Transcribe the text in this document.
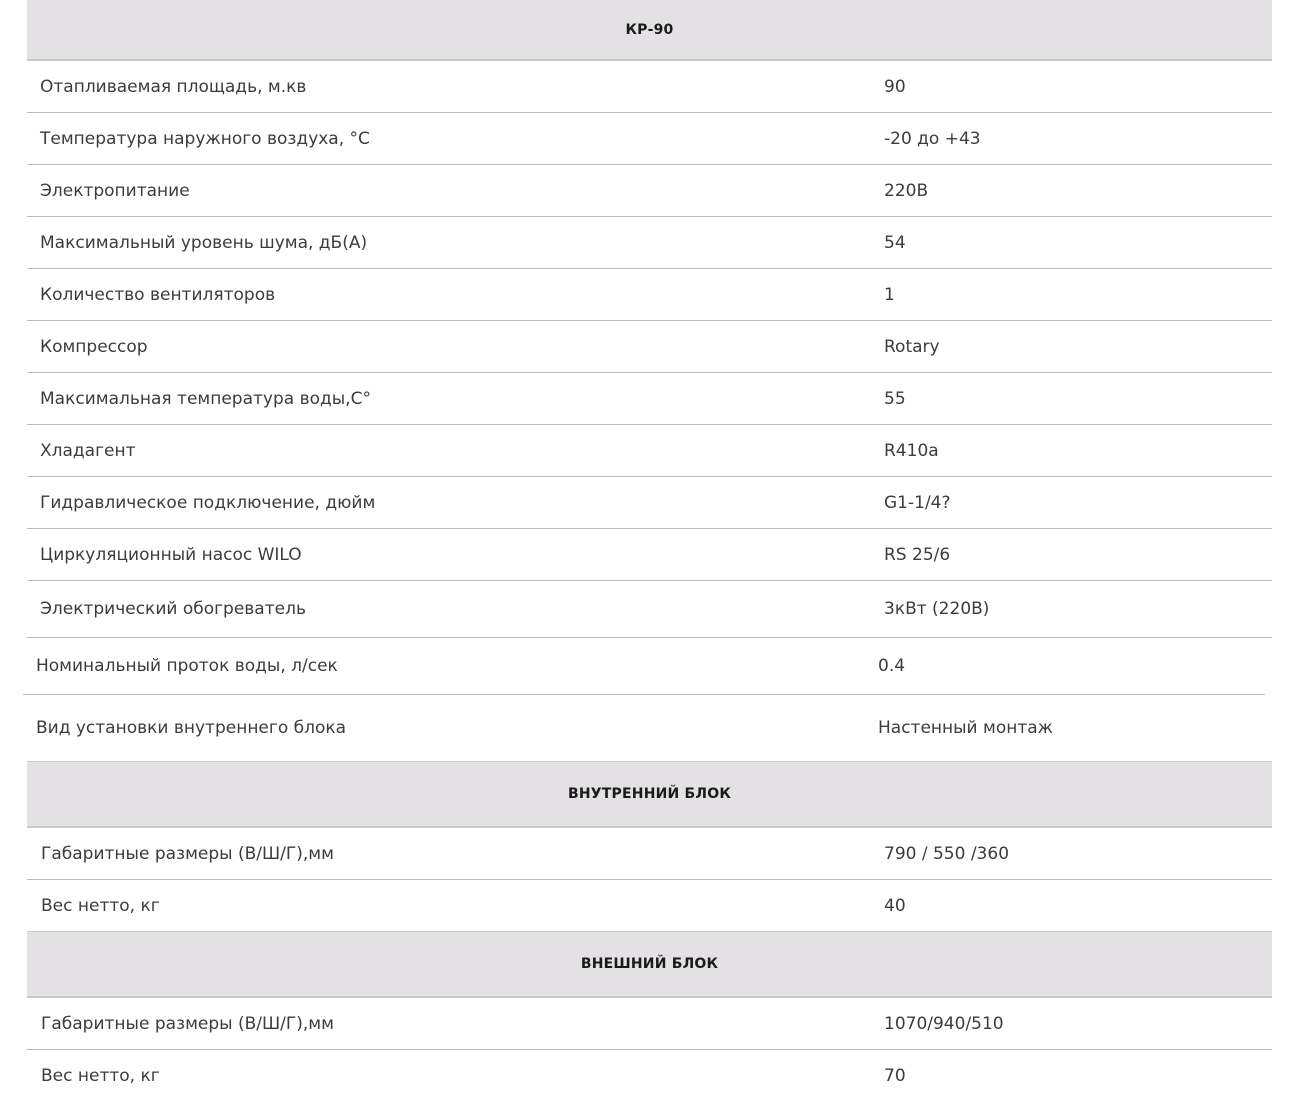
КР-90
Отапливаемая площадь, м.кв	90
Температура наружного воздуха, °С	-20 до +43
Электропитание	220В
Максимальный уровень шума, дБ(А)	54
Количество вентиляторов	1
Компрессор	Rotary
Максимальная температура воды,С°	55
Хладагент	R410a
Гидравлическое подключение, дюйм	G1-1/4?
Циркуляционный насос WILO	RS 25/6
Электрический обогреватель	3кВт (220В)
Номинальный проток воды, л/сек	0.4
Вид установки внутреннего блока	Настенный монтаж
ВНУТРЕННИЙ БЛОК
Габаритные размеры (В/Ш/Г),мм	790 / 550 /360
Вес нетто, кг	40
ВНЕШНИЙ БЛОК
Габаритные размеры (В/Ш/Г),мм	1070/940/510
Вес нетто, кг	70
